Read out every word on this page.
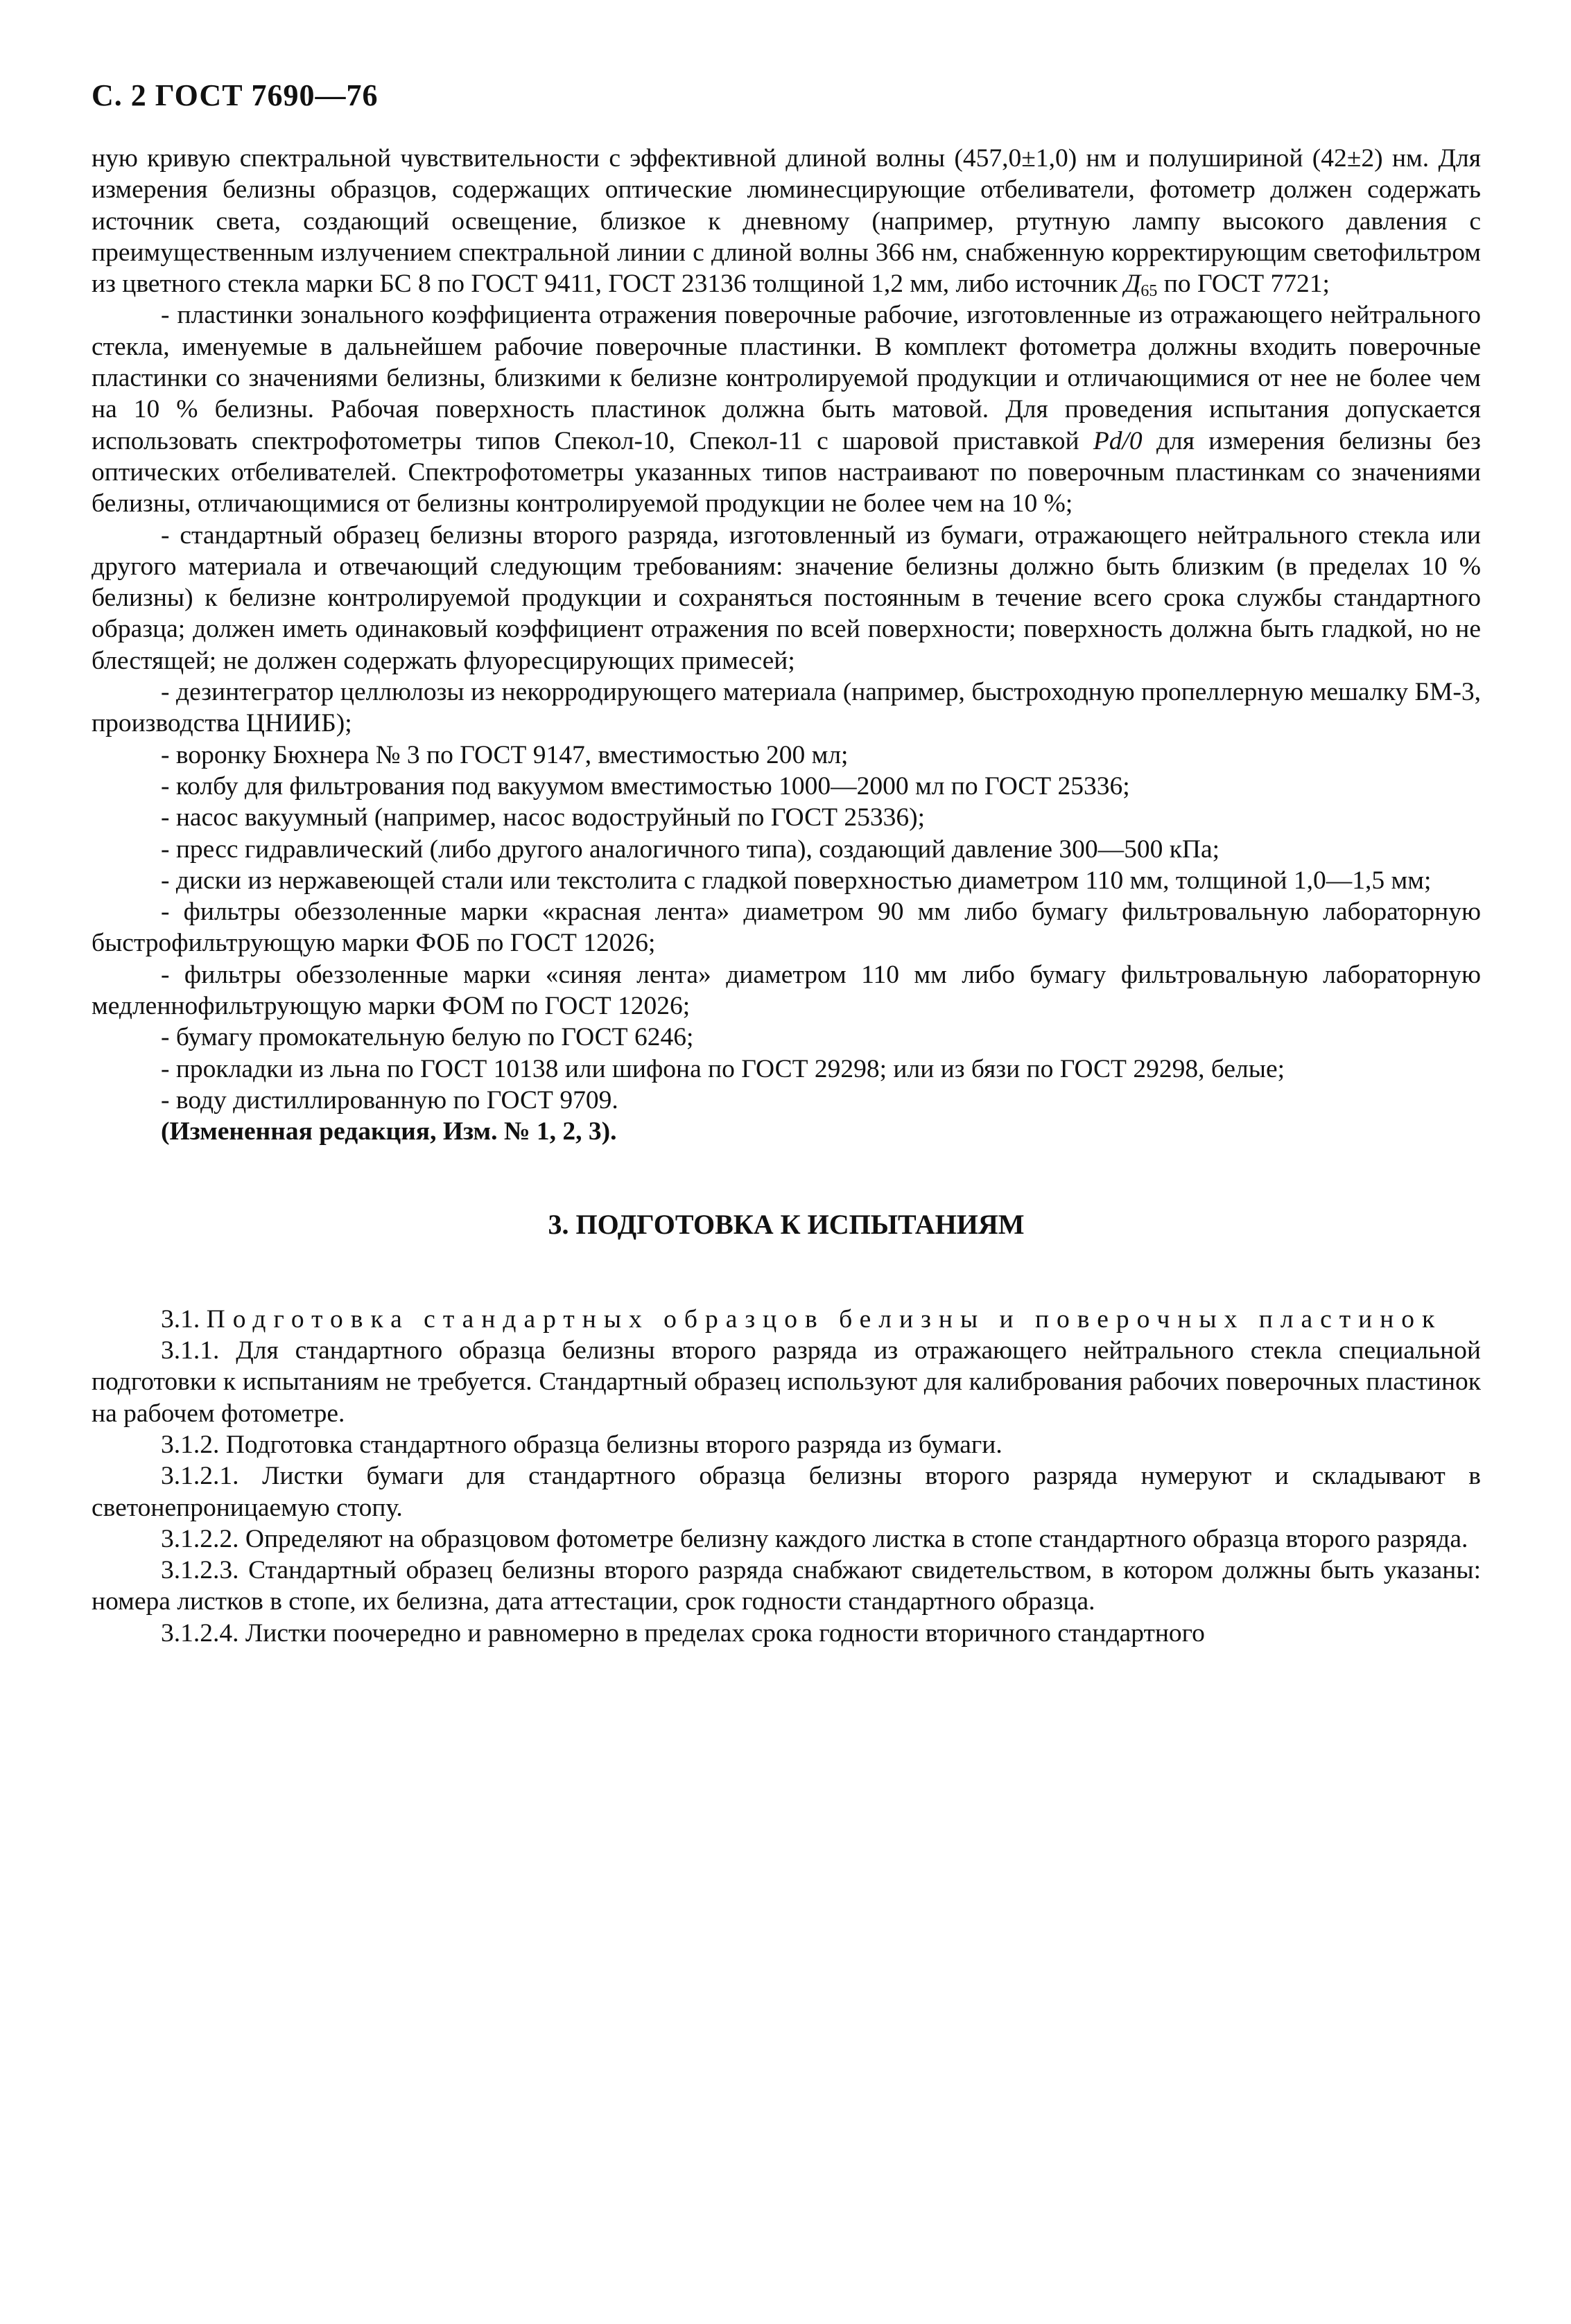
С. 2 ГОСТ 7690—76

ную кривую спектральной чувствительности с эффективной длиной волны (457,0±1,0) нм и полушириной (42±2) нм. Для измерения белизны образцов, содержащих оптические люминесцирующие отбеливатели, фотометр должен содержать источник света, создающий освещение, близкое к дневному (например, ртутную лампу высокого давления с преимущественным излучением спектральной линии с длиной волны 366 нм, снабженную корректирующим светофильтром из цветного стекла марки БС 8 по ГОСТ 9411, ГОСТ 23136 толщиной 1,2 мм, либо источник $Д_{65}$ по ГОСТ 7721;

- пластинки зонального коэффициента отражения поверочные рабочие, изготовленные из отражающего нейтрального стекла, именуемые в дальнейшем рабочие поверочные пластинки. В комплект фотометра должны входить поверочные пластинки со значениями белизны, близкими к белизне контролируемой продукции и отличающимися от нее не более чем на 10 % белизны. Рабочая поверхность пластинок должна быть матовой. Для проведения испытания допускается использовать спектрофотометры типов Спекол-10, Спекол-11 с шаровой приставкой Pd/0 для измерения белизны без оптических отбеливателей. Спектрофотометры указанных типов настраивают по поверочным пластинкам со значениями белизны, отличающимися от белизны контролируемой продукции не более чем на 10 %;

- стандартный образец белизны второго разряда, изготовленный из бумаги, отражающего нейтрального стекла или другого материала и отвечающий следующим требованиям: значение белизны должно быть близким (в пределах 10 % белизны) к белизне контролируемой продукции и сохраняться постоянным в течение всего срока службы стандартного образца; должен иметь одинаковый коэффициент отражения по всей поверхности; поверхность должна быть гладкой, но не блестящей; не должен содержать флуоресцирующих примесей;

- дезинтегратор целлюлозы из некорродирующего материала (например, быстроходную пропеллерную мешалку БМ-3, производства ЦНИИБ);

- воронку Бюхнера № 3 по ГОСТ 9147, вместимостью 200 мл;

- колбу для фильтрования под вакуумом вместимостью 1000—2000 мл по ГОСТ 25336;

- насос вакуумный (например, насос водоструйный по ГОСТ 25336);

- пресс гидравлический (либо другого аналогичного типа), создающий давление 300—500 кПа;

- диски из нержавеющей стали или текстолита с гладкой поверхностью диаметром 110 мм, толщиной 1,0—1,5 мм;

- фильтры обеззоленные марки «красная лента» диаметром 90 мм либо бумагу фильтровальную лабораторную быстрофильтрующую марки ФОБ по ГОСТ 12026;

- фильтры обеззоленные марки «синяя лента» диаметром 110 мм либо бумагу фильтровальную лабораторную медленнофильтрующую марки ФОМ по ГОСТ 12026;

- бумагу промокательную белую по ГОСТ 6246;

- прокладки из льна по ГОСТ 10138 или шифона по ГОСТ 29298; или из бязи по ГОСТ 29298, белые;

- воду дистиллированную по ГОСТ 9709.

(Измененная редакция, Изм. № 1, 2, 3).

3. ПОДГОТОВКА К ИСПЫТАНИЯМ

3.1. Подготовка стандартных образцов белизны и поверочных пластинок

3.1.1. Для стандартного образца белизны второго разряда из отражающего нейтрального стекла специальной подготовки к испытаниям не требуется. Стандартный образец используют для калибрования рабочих поверочных пластинок на рабочем фотометре.

3.1.2. Подготовка стандартного образца белизны второго разряда из бумаги.

3.1.2.1. Листки бумаги для стандартного образца белизны второго разряда нумеруют и складывают в светонепроницаемую стопу.

3.1.2.2. Определяют на образцовом фотометре белизну каждого листка в стопе стандартного образца второго разряда.

3.1.2.3. Стандартный образец белизны второго разряда снабжают свидетельством, в котором должны быть указаны: номера листков в стопе, их белизна, дата аттестации, срок годности стандартного образца.

3.1.2.4. Листки поочередно и равномерно в пределах срока годности вторичного стандартного
